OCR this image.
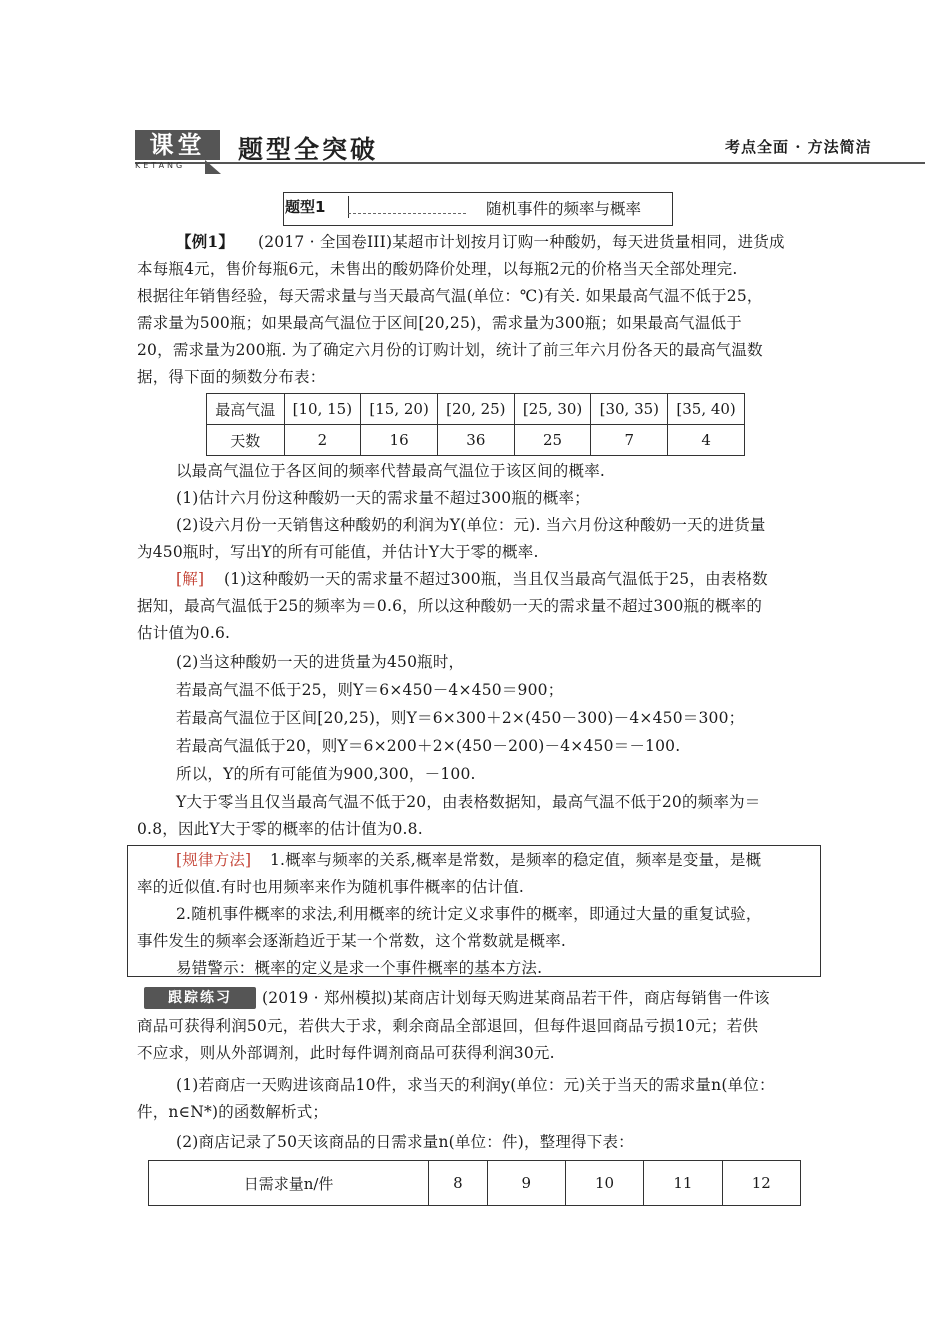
课堂
KETANG
题型全突破	考点全面 · 方法简洁
题型1	随机事件的频率与概率
【例1】 (2017 · 全国卷III)某超市计划按月订购一种酸奶，每天进货量相同，进货成
本每瓶4元，售价每瓶6元，未售出的酸奶降价处理，以每瓶2元的价格当天全部处理完.
根据往年销售经验，每天需求量与当天最高气温(单位：℃)有关. 如果最高气温不低于25，
需求量为500瓶；如果最高气温位于区间[20,25)，需求量为300瓶；如果最高气温低于
20，需求量为200瓶. 为了确定六月份的订购计划，统计了前三年六月份各天的最高气温数
据，得下面的频数分布表：
最高气温	[10, 15)	[15, 20)	[20, 25)	[25, 30)	[30, 35)	[35, 40)
天数	2	16	36	25	7	4
以最高气温位于各区间的频率代替最高气温位于该区间的概率.
(1)估计六月份这种酸奶一天的需求量不超过300瓶的概率；
(2)设六月份一天销售这种酸奶的利润为Y(单位：元). 当六月份这种酸奶一天的进货量
为450瓶时，写出Y的所有可能值，并估计Y大于零的概率.
[解] (1)这种酸奶一天的需求量不超过300瓶，当且仅当最高气温低于25，由表格数
据知，最高气温低于25的频率为＝0.6，所以这种酸奶一天的需求量不超过300瓶的概率的
估计值为0.6.
(2)当这种酸奶一天的进货量为450瓶时，
若最高气温不低于25，则Y＝6×450－4×450＝900；
若最高气温位于区间[20,25)，则Y＝6×300＋2×(450－300)－4×450＝300；
若最高气温低于20，则Y＝6×200＋2×(450－200)－4×450＝－100.
所以，Y的所有可能值为900,300，－100.
Y大于零当且仅当最高气温不低于20，由表格数据知，最高气温不低于20的频率为＝
0.8，因此Y大于零的概率的估计值为0.8.
[规律方法] 1.概率与频率的关系,概率是常数，是频率的稳定值，频率是变量，是概
率的近似值.有时也用频率来作为随机事件概率的估计值.
2.随机事件概率的求法,利用概率的统计定义求事件的概率，即通过大量的重复试验，
事件发生的频率会逐渐趋近于某一个常数，这个常数就是概率.
易错警示：概率的定义是求一个事件概率的基本方法.
跟踪练习	(2019 · 郑州模拟)某商店计划每天购进某商品若干件，商店每销售一件该
商品可获得利润50元，若供大于求，剩余商品全部退回，但每件退回商品亏损10元；若供
不应求，则从外部调剂，此时每件调剂商品可获得利润30元.
(1)若商店一天购进该商品10件，求当天的利润y(单位：元)关于当天的需求量n(单位：
件，n∈N*)的函数解析式；
(2)商店记录了50天该商品的日需求量n(单位：件)，整理得下表：
日需求量n/件	8	9	10	11	12
